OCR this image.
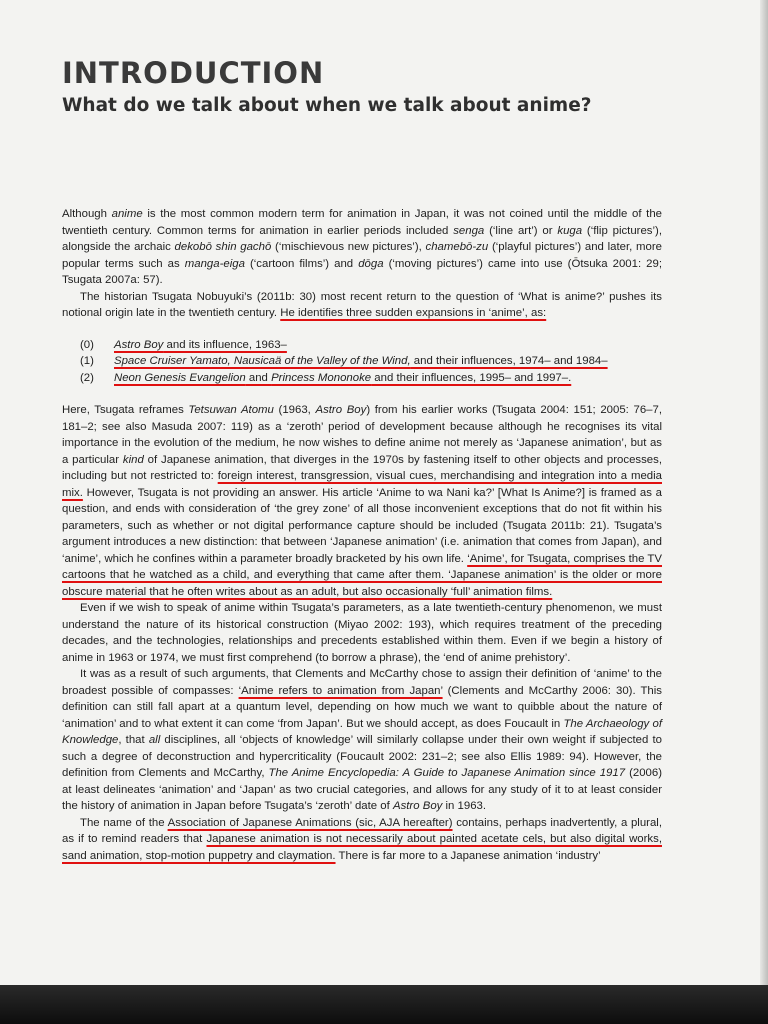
INTRODUCTION
What do we talk about when we talk about anime?

Although anime is the most common modern term for animation in Japan, it was not coined until the middle of the twentieth century. Common terms for animation in earlier periods included senga (‘line art’) or kuga (‘flip pictures’), alongside the archaic dekobō shin gachō (‘mischievous new pictures’), chamebō-zu (‘playful pictures’) and later, more popular terms such as manga-eiga (‘cartoon films’) and dōga (‘moving pictures’) came into use (Ōtsuka 2001: 29; Tsugata 2007a: 57).

The historian Tsugata Nobuyuki’s (2011b: 30) most recent return to the question of ‘What is anime?’ pushes its notional origin late in the twentieth century. He identifies three sudden expansions in ‘anime’, as:

(0) Astro Boy and its influence, 1963–
(1) Space Cruiser Yamato, Nausicaä of the Valley of the Wind, and their influences, 1974– and 1984–
(2) Neon Genesis Evangelion and Princess Mononoke and their influences, 1995– and 1997–.

Here, Tsugata reframes Tetsuwan Atomu (1963, Astro Boy) from his earlier works (Tsugata 2004: 151; 2005: 76–7, 181–2; see also Masuda 2007: 119) as a ‘zeroth’ period of development because although he recognises its vital importance in the evolution of the medium, he now wishes to define anime not merely as ‘Japanese animation’, but as a particular kind of Japanese animation, that diverges in the 1970s by fastening itself to other objects and processes, including but not restricted to: foreign interest, transgression, visual cues, merchandising and integration into a media mix. However, Tsugata is not providing an answer. His article ‘Anime to wa Nani ka?’ [What Is Anime?] is framed as a question, and ends with consideration of ‘the grey zone’ of all those inconvenient exceptions that do not fit within his parameters, such as whether or not digital performance capture should be included (Tsugata 2011b: 21). Tsugata’s argument introduces a new distinction: that between ‘Japanese animation’ (i.e. animation that comes from Japan), and ‘anime’, which he confines within a parameter broadly bracketed by his own life. ‘Anime’, for Tsugata, comprises the TV cartoons that he watched as a child, and everything that came after them. ‘Japanese animation’ is the older or more obscure material that he often writes about as an adult, but also occasionally ‘full’ animation films.

Even if we wish to speak of anime within Tsugata’s parameters, as a late twentieth-century phenomenon, we must understand the nature of its historical construction (Miyao 2002: 193), which requires treatment of the preceding decades, and the technologies, relationships and precedents established within them. Even if we begin a history of anime in 1963 or 1974, we must first comprehend (to borrow a phrase), the ‘end of anime prehistory’.

It was as a result of such arguments, that Clements and McCarthy chose to assign their definition of ‘anime’ to the broadest possible of compasses: ‘Anime refers to animation from Japan’ (Clements and McCarthy 2006: 30). This definition can still fall apart at a quantum level, depending on how much we want to quibble about the nature of ‘animation’ and to what extent it can come ‘from Japan’. But we should accept, as does Foucault in The Archaeology of Knowledge, that all disciplines, all ‘objects of knowledge’ will similarly collapse under their own weight if subjected to such a degree of deconstruction and hypercriticality (Foucault 2002: 231–2; see also Ellis 1989: 94). However, the definition from Clements and McCarthy, The Anime Encyclopedia: A Guide to Japanese Animation since 1917 (2006) at least delineates ‘animation’ and ‘Japan’ as two crucial categories, and allows for any study of it to at least consider the history of animation in Japan before Tsugata’s ‘zeroth’ date of Astro Boy in 1963.

The name of the Association of Japanese Animations (sic, AJA hereafter) contains, perhaps inadvertently, a plural, as if to remind readers that Japanese animation is not necessarily about painted acetate cels, but also digital works, sand animation, stop-motion puppetry and claymation. There is far more to a Japanese animation ‘industry’
